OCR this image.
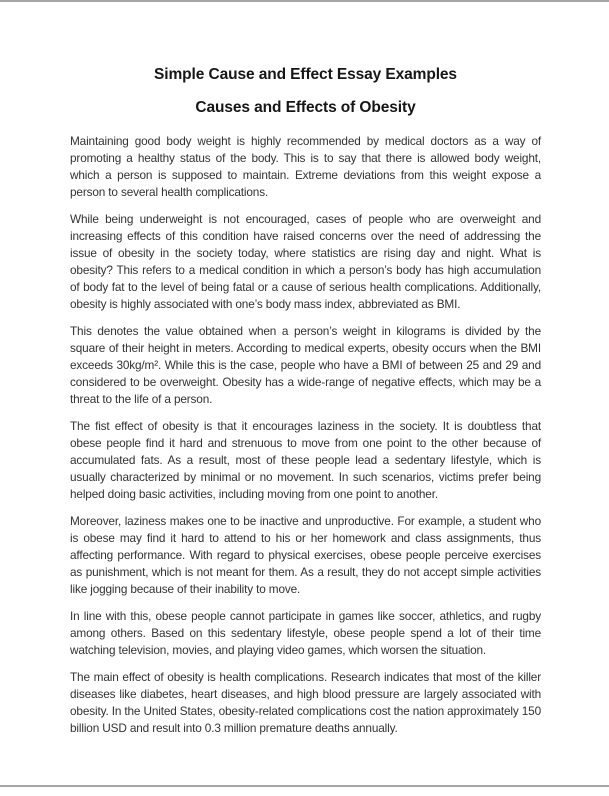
Simple Cause and Effect Essay Examples
Causes and Effects of Obesity

Maintaining good body weight is highly recommended by medical doctors as a way of promoting a healthy status of the body. This is to say that there is allowed body weight, which a person is supposed to maintain. Extreme deviations from this weight expose a person to several health complications.

While being underweight is not encouraged, cases of people who are overweight and increasing effects of this condition have raised concerns over the need of addressing the issue of obesity in the society today, where statistics are rising day and night. What is obesity? This refers to a medical condition in which a person’s body has high accumulation of body fat to the level of being fatal or a cause of serious health complications. Additionally, obesity is highly associated with one’s body mass index, abbreviated as BMI.

This denotes the value obtained when a person’s weight in kilograms is divided by the square of their height in meters. According to medical experts, obesity occurs when the BMI exceeds 30kg/m². While this is the case, people who have a BMI of between 25 and 29 and considered to be overweight. Obesity has a wide-range of negative effects, which may be a threat to the life of a person.

The fist effect of obesity is that it encourages laziness in the society. It is doubtless that obese people find it hard and strenuous to move from one point to the other because of accumulated fats. As a result, most of these people lead a sedentary lifestyle, which is usually characterized by minimal or no movement. In such scenarios, victims prefer being helped doing basic activities, including moving from one point to another.

Moreover, laziness makes one to be inactive and unproductive. For example, a student who is obese may find it hard to attend to his or her homework and class assignments, thus affecting performance. With regard to physical exercises, obese people perceive exercises as punishment, which is not meant for them. As a result, they do not accept simple activities like jogging because of their inability to move.

In line with this, obese people cannot participate in games like soccer, athletics, and rugby among others. Based on this sedentary lifestyle, obese people spend a lot of their time watching television, movies, and playing video games, which worsen the situation.

The main effect of obesity is health complications. Research indicates that most of the killer diseases like diabetes, heart diseases, and high blood pressure are largely associated with obesity. In the United States, obesity-related complications cost the nation approximately 150 billion USD and result into 0.3 million premature deaths annually.
